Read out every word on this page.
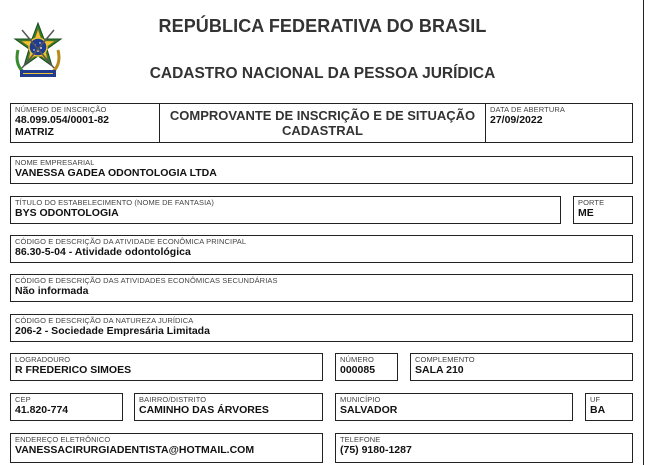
REPÚBLICA FEDERATIVA DO BRASIL
CADASTRO NACIONAL DA PESSOA JURÍDICA
NÚMERO DE INSCRIÇÃO
48.099.054/0001-82
MATRIZ
COMPROVANTE DE INSCRIÇÃO E DE SITUAÇÃO CADASTRAL
DATA DE ABERTURA
27/09/2022
NOME EMPRESARIAL
VANESSA GADEA ODONTOLOGIA LTDA
TÍTULO DO ESTABELECIMENTO (NOME DE FANTASIA)
BYS ODONTOLOGIA
PORTE
ME
CÓDIGO E DESCRIÇÃO DA ATIVIDADE ECONÔMICA PRINCIPAL
86.30-5-04 - Atividade odontológica
CÓDIGO E DESCRIÇÃO DAS ATIVIDADES ECONÔMICAS SECUNDÁRIAS
Não informada
CÓDIGO E DESCRIÇÃO DA NATUREZA JURÍDICA
206-2 - Sociedade Empresária Limitada
LOGRADOURO
R FREDERICO SIMOES
NÚMERO
000085
COMPLEMENTO
SALA 210
CEP
41.820-774
BAIRRO/DISTRITO
CAMINHO DAS ÁRVORES
MUNICÍPIO
SALVADOR
UF
BA
ENDEREÇO ELETRÔNICO
VANESSACIRURGIADENTISTA@HOTMAIL.COM
TELEFONE
(75) 9180-1287
